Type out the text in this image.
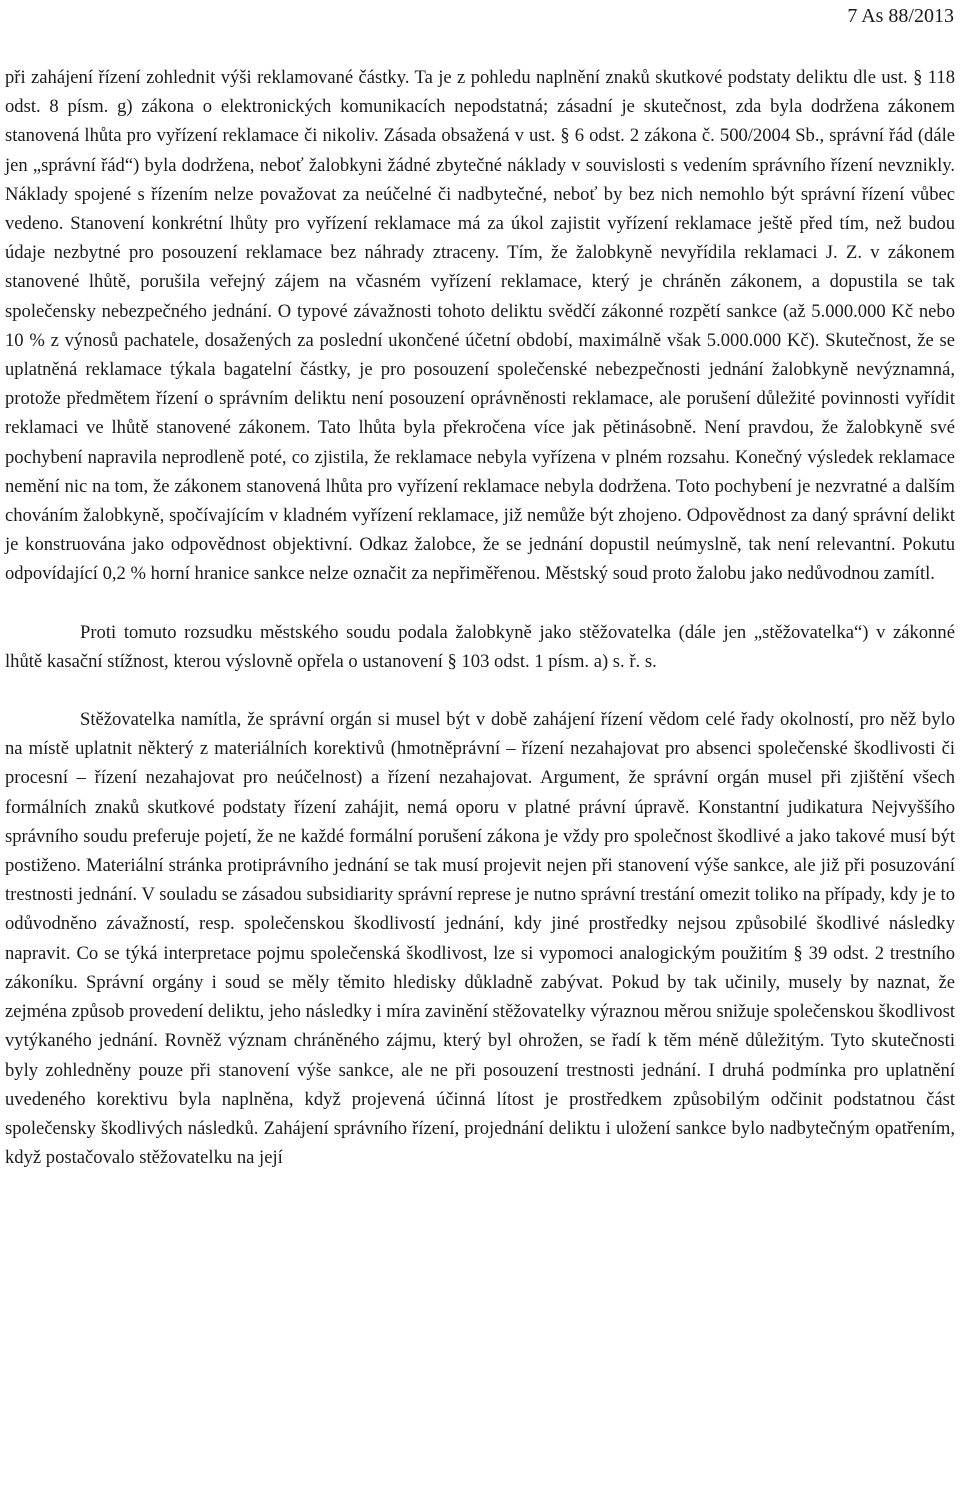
7 As 88/2013

při zahájení řízení zohlednit výši reklamované částky. Ta je z pohledu naplnění znaků skutkové podstaty deliktu dle ust. § 118 odst. 8 písm. g) zákona o elektronických komunikacích nepodstatná; zásadní je skutečnost, zda byla dodržena zákonem stanovená lhůta pro vyřízení reklamace či nikoliv. Zásada obsažená v ust. § 6 odst. 2 zákona č. 500/2004 Sb., správní řád (dále jen „správní řád“) byla dodržena, neboť žalobkyni žádné zbytečné náklady v souvislosti s vedením správního řízení nevznikly. Náklady spojené s řízením nelze považovat za neúčelné či nadbytečné, neboť by bez nich nemohlo být správní řízení vůbec vedeno. Stanovení konkrétní lhůty pro vyřízení reklamace má za úkol zajistit vyřízení reklamace ještě před tím, než budou údaje nezbytné pro posouzení reklamace bez náhrady ztraceny. Tím, že žalobkyně nevyřídila reklamaci J. Z. v zákonem stanovené lhůtě, porušila veřejný zájem na včasném vyřízení reklamace, který je chráněn zákonem, a dopustila se tak společensky nebezpečného jednání. O typové závažnosti tohoto deliktu svědčí zákonné rozpětí sankce (až 5.000.000 Kč nebo 10 % z výnosů pachatele, dosažených za poslední ukončené účetní období, maximálně však 5.000.000 Kč). Skutečnost, že se uplatněná reklamace týkala bagatelní částky, je pro posouzení společenské nebezpečnosti jednání žalobkyně nevýznamná, protože předmětem řízení o správním deliktu není posouzení oprávněnosti reklamace, ale porušení důležité povinnosti vyřídit reklamaci ve lhůtě stanovené zákonem. Tato lhůta byla překročena více jak pětinásobně. Není pravdou, že žalobkyně své pochybení napravila neprodleně poté, co zjistila, že reklamace nebyla vyřízena v plném rozsahu. Konečný výsledek reklamace nemění nic na tom, že zákonem stanovená lhůta pro vyřízení reklamace nebyla dodržena. Toto pochybení je nezvratné a dalším chováním žalobkyně, spočívajícím v kladném vyřízení reklamace, již nemůže být zhojeno. Odpovědnost za daný správní delikt je konstruována jako odpovědnost objektivní. Odkaz žalobce, že se jednání dopustil neúmyslně, tak není relevantní. Pokutu odpovídající 0,2 % horní hranice sankce nelze označit za nepřiměřenou. Městský soud proto žalobu jako nedůvodnou zamítl.

Proti tomuto rozsudku městského soudu podala žalobkyně jako stěžovatelka (dále jen „stěžovatelka“) v zákonné lhůtě kasační stížnost, kterou výslovně opřela o ustanovení § 103 odst. 1 písm. a) s. ř. s.

Stěžovatelka namítla, že správní orgán si musel být v době zahájení řízení vědom celé řady okolností, pro něž bylo na místě uplatnit některý z materiálních korektivů (hmotněprávní – řízení nezahajovat pro absenci společenské škodlivosti či procesní – řízení nezahajovat pro neúčelnost) a řízení nezahajovat. Argument, že správní orgán musel při zjištění všech formálních znaků skutkové podstaty řízení zahájit, nemá oporu v platné právní úpravě. Konstantní judikatura Nejvyššího správního soudu preferuje pojetí, že ne každé formální porušení zákona je vždy pro společnost škodlivé a jako takové musí být postiženo. Materiální stránka protiprávního jednání se tak musí projevit nejen při stanovení výše sankce, ale již při posuzování trestnosti jednání. V souladu se zásadou subsidiarity správní represe je nutno správní trestání omezit toliko na případy, kdy je to odůvodněno závažností, resp. společenskou škodlivostí jednání, kdy jiné prostředky nejsou způsobilé škodlivé následky napravit. Co se týká interpretace pojmu společenská škodlivost, lze si vypomoci analogickým použitím § 39 odst. 2 trestního zákoníku. Správní orgány i soud se měly těmito hledisky důkladně zabývat. Pokud by tak učinily, musely by naznat, že zejména způsob provedení deliktu, jeho následky i míra zavinění stěžovatelky výraznou měrou snižuje společenskou škodlivost vytýkaného jednání. Rovněž význam chráněného zájmu, který byl ohrožen, se řadí k těm méně důležitým. Tyto skutečnosti byly zohledněny pouze při stanovení výše sankce, ale ne při posouzení trestnosti jednání. I druhá podmínka pro uplatnění uvedeného korektivu byla naplněna, když projevená účinná lítost je prostředkem způsobilým odčinit podstatnou část společensky škodlivých následků. Zahájení správního řízení, projednání deliktu i uložení sankce bylo nadbytečným opatřením, když postačovalo stěžovatelku na její
